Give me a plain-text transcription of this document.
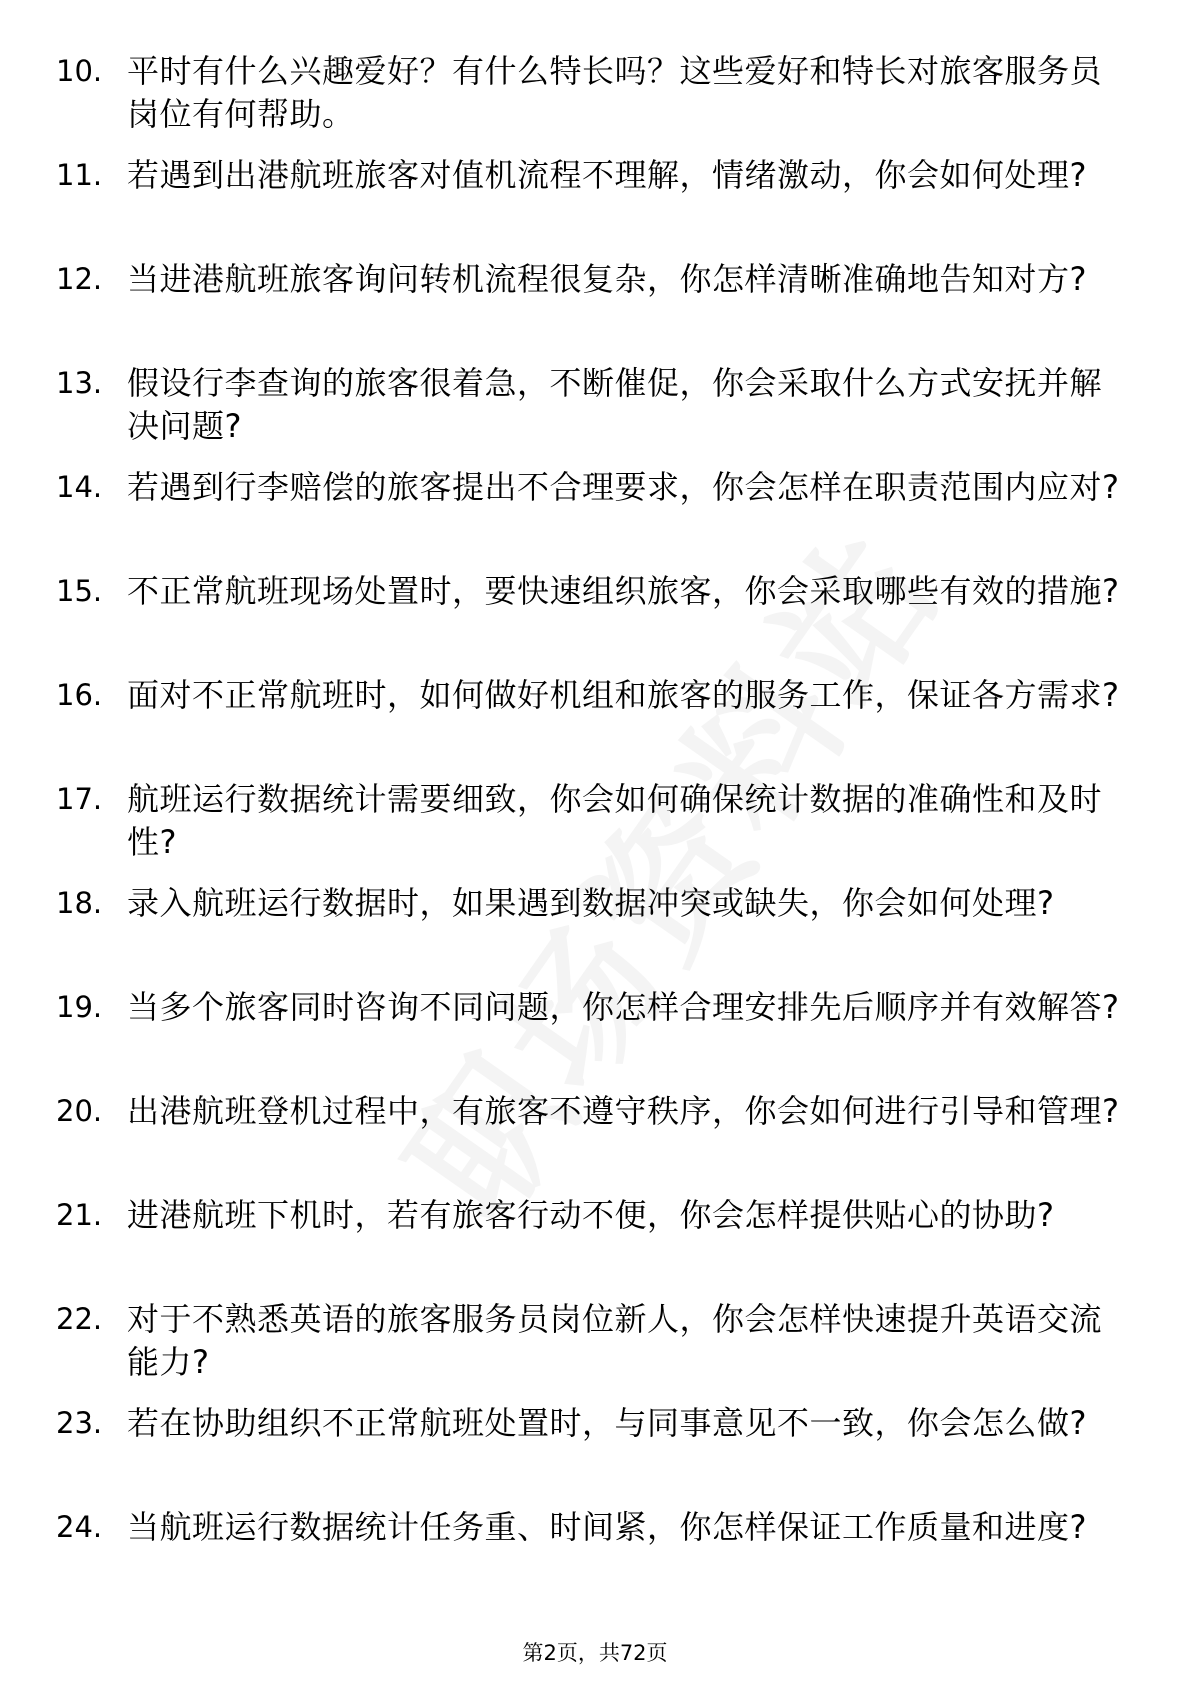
10. 平时有什么兴趣爱好？有什么特长吗？这些爱好和特长对旅客服务员岗位有何帮助。
11. 若遇到出港航班旅客对值机流程不理解，情绪激动，你会如何处理?
12. 当进港航班旅客询问转机流程很复杂，你怎样清晰准确地告知对方?
13. 假设行李查询的旅客很着急，不断催促，你会采取什么方式安抚并解决问题?
14. 若遇到行李赔偿的旅客提出不合理要求，你会怎样在职责范围内应对?
15. 不正常航班现场处置时，要快速组织旅客，你会采取哪些有效的措施?
16. 面对不正常航班时，如何做好机组和旅客的服务工作，保证各方需求?
17. 航班运行数据统计需要细致，你会如何确保统计数据的准确性和及时性?
18. 录入航班运行数据时，如果遇到数据冲突或缺失，你会如何处理?
19. 当多个旅客同时咨询不同问题，你怎样合理安排先后顺序并有效解答?
20. 出港航班登机过程中，有旅客不遵守秩序，你会如何进行引导和管理?
21. 进港航班下机时，若有旅客行动不便，你会怎样提供贴心的协助?
22. 对于不熟悉英语的旅客服务员岗位新人，你会怎样快速提升英语交流能力?
23. 若在协助组织不正常航班处置时，与同事意见不一致，你会怎么做?
24. 当航班运行数据统计任务重、时间紧，你怎样保证工作质量和进度?
第2页，共72页
